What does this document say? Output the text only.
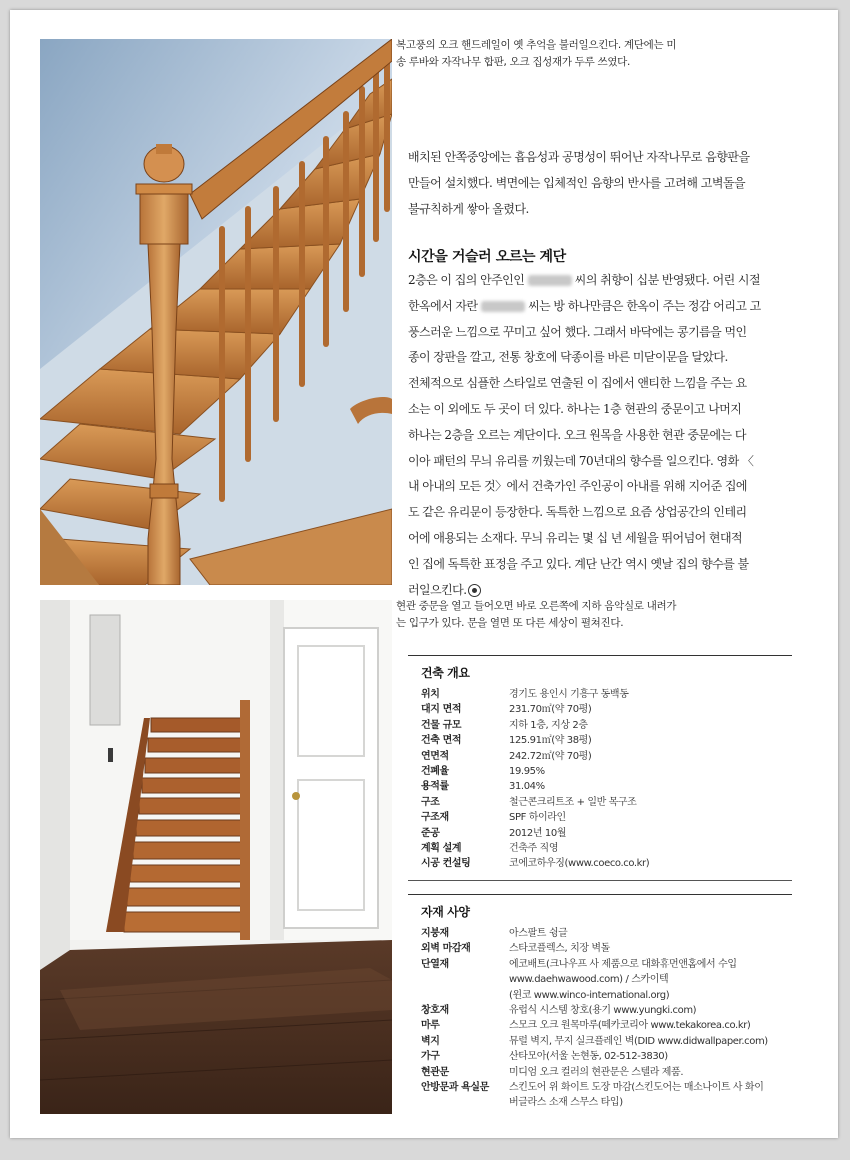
복고풍의 오크 핸드레일이 옛 추억을 불러일으킨다. 계단에는 미

송 루바와 자작나무 합판, 오크 집성재가 두루 쓰였다.

배치된 안쪽중앙에는 흡음성과 공명성이 뛰어난 자작나무로 음향판을

만들어 설치했다. 벽면에는 입체적인 음향의 반사를 고려해 고벽돌을

불규칙하게 쌓아 올렸다.

시간을 거슬러 오르는 계단

2층은 이 집의 안주인인	씨의 취향이 십분 반영됐다. 어린 시절

한옥에서 자란	씨는 방 하나만큼은 한옥이 주는 정감 어리고 고

풍스러운 느낌으로 꾸미고 싶어 했다. 그래서 바닥에는 콩기름을 먹인

종이 장판을 깔고, 전통 창호에 닥종이를 바른 미닫이문을 달았다.

전체적으로 심플한 스타일로 연출된 이 집에서 앤티한 느낌을 주는 요

소는 이 외에도 두 곳이 더 있다. 하나는 1층 현관의 중문이고 나머지

하나는 2층을 오르는 계단이다. 오크 원목을 사용한 현관 중문에는 다

이아 패턴의 무늬 유리를 끼웠는데 70년대의 향수를 일으킨다. 영화 〈

내 아내의 모든 것〉에서 건축가인 주인공이 아내를 위해 지어준 집에

도 같은 유리문이 등장한다. 독특한 느낌으로 요즘 상업공간의 인테리

어에 애용되는 소재다. 무늬 유리는 몇 십 년 세월을 뛰어넘어 현대적

인 집에 독특한 표정을 주고 있다. 계단 난간 역시 옛날 집의 향수를 불

러일으킨다.

현관 중문을 열고 들어오면 바로 오른쪽에 지하 음악실로 내려가

는 입구가 있다. 문을 열면 또 다른 세상이 펼쳐진다.

건축 개요
위치	경기도 용인시 기흥구 동백동
대지 면적	231.70㎡(약 70평)
건물 규모	지하 1층, 지상 2층
건축 면적	125.91㎡(약 38평)
연면적	242.72㎡(약 70평)
건폐율	19.95%
용적률	31.04%
구조	철근콘크리트조 + 일반 목구조
구조재	SPF 하이라인
준공	2012년 10월
계획 설계	건축주 직영
시공 컨설팅	코에코하우징(www.coeco.co.kr)
자재 사양
지붕재	아스팔트 슁글
외벽 마감재	스타코플렉스, 치장 벽돌
단열재	에코배트(크나우프 사 제품으로 대화휴먼앤홈에서 수입
www.daehwawood.com) / 스카이텍
(윈코 www.winco-international.org)
창호재	유럽식 시스템 창호(용기 www.yungki.com)
마루	스모크 오크 원목마루(떼카코리아 www.tekakorea.co.kr)
벽지	뮤럴 벽지, 무지 실크플레인 벽(DID www.didwallpaper.com)
가구	산타모아(서울 논현동, 02-512-3830)
현관문	미디엄 오크 컬러의 현관문은 스텔라 제품.
안방문과 욕실문	스킨도어 위 화이트 도장 마감(스킨도어는 매소나이트 사 화이
버글라스 소재 스무스 타입)
